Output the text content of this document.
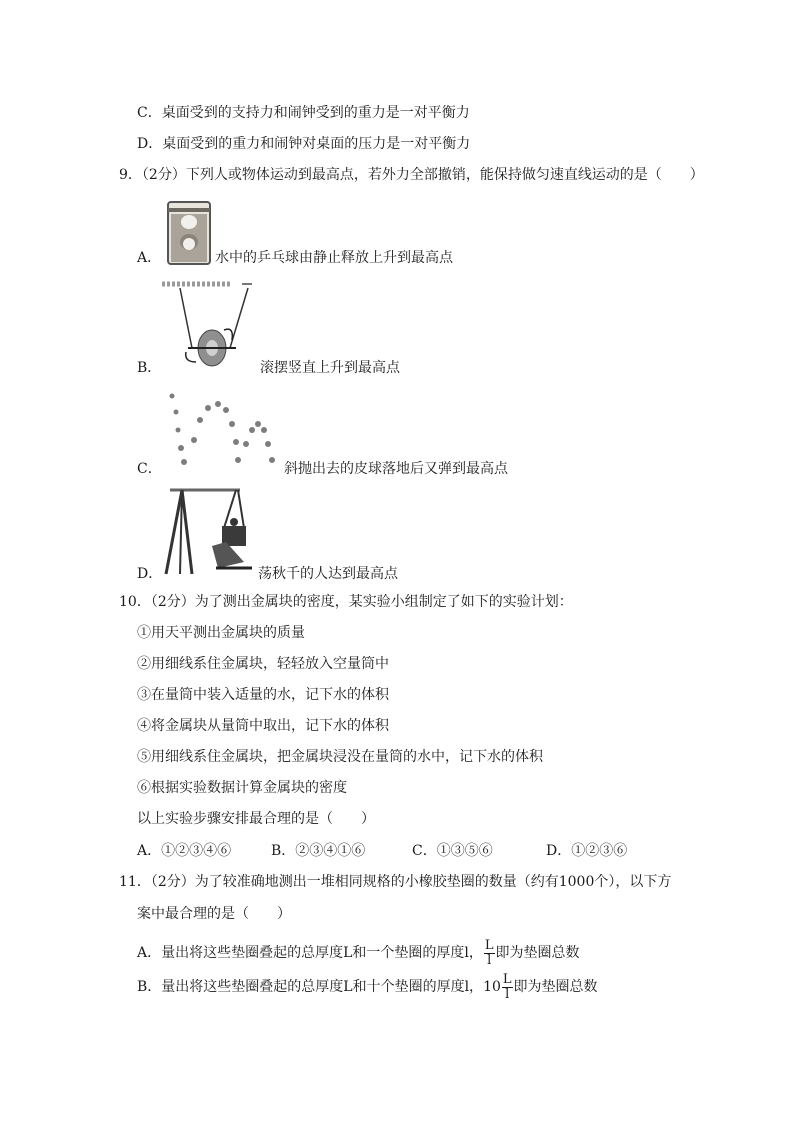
C．桌面受到的支持力和闹钟受到的重力是一对平衡力
D．桌面受到的重力和闹钟对桌面的压力是一对平衡力
9．（2分）下列人或物体运动到最高点，若外力全部撤销，能保持做匀速直线运动的是（　　）
A．	水中的乒乓球由静止释放上升到最高点
B．	滚摆竖直上升到最高点
C．	斜抛出去的皮球落地后又弹到最高点
D．	荡秋千的人达到最高点
10．（2分）为了测出金属块的密度，某实验小组制定了如下的实验计划：
①用天平测出金属块的质量
②用细线系住金属块，轻轻放入空量筒中
③在量筒中装入适量的水，记下水的体积
④将金属块从量筒中取出，记下水的体积
⑤用细线系住金属块，把金属块浸没在量筒的水中，记下水的体积
⑥根据实验数据计算金属块的密度
以上实验步骤安排最合理的是（　　）
A．①②③④⑥	B．②③④①⑥	C．①③⑤⑥	D．①②③⑥
11．（2分）为了较准确地测出一堆相同规格的小橡胶垫圈的数量（约有1000个），以下方
案中最合理的是（　　）
A．量出将这些垫圈叠起的总厚度L和一个垫圈的厚度l， $\frac{L}{l}$ 即为垫圈总数
B．量出将这些垫圈叠起的总厚度L和十个垫圈的厚度l，$10 \frac{L}{l}$ 即为垫圈总数
